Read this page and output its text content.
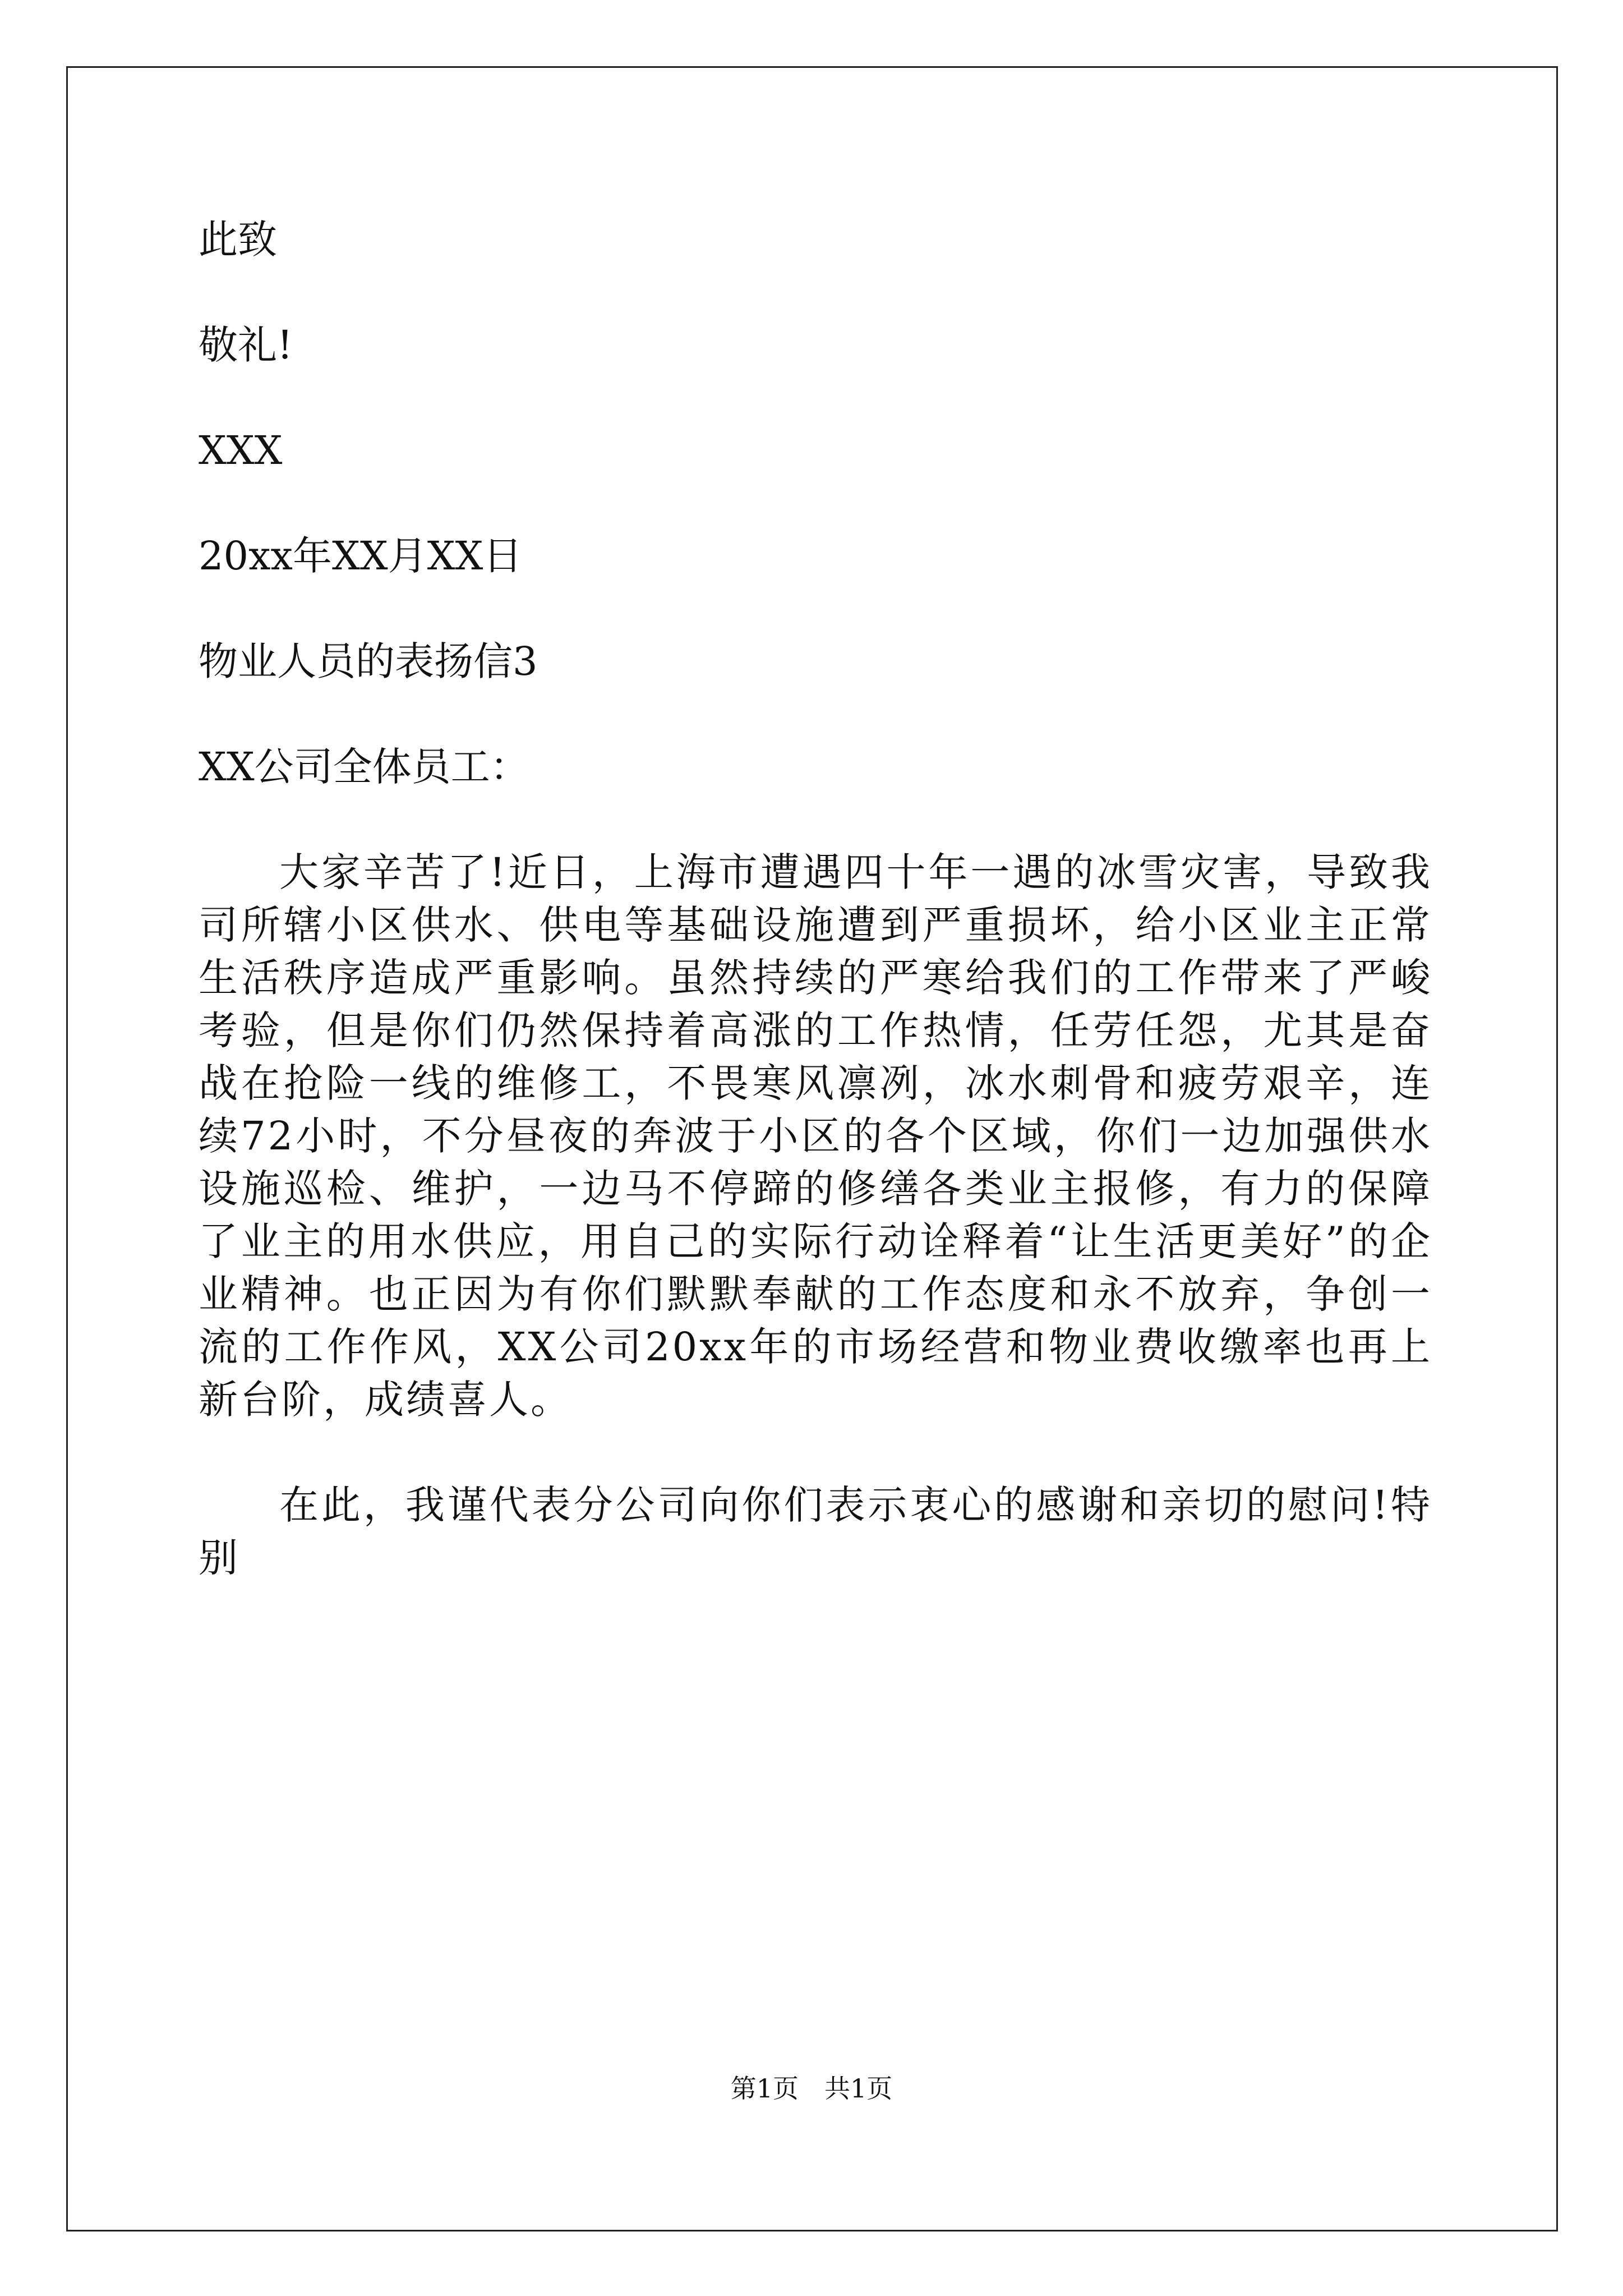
此致
敬礼!
XXX
20xx年XX月XX日
物业人员的表扬信3
XX公司全体员工：
大家辛苦了!近日，上海市遭遇四十年一遇的冰雪灾害，导致我司所辖小区供水、供电等基础设施遭到严重损坏，给小区业主正常生活秩序造成严重影响。虽然持续的严寒给我们的工作带来了严峻考验，但是你们仍然保持着高涨的工作热情，任劳任怨，尤其是奋战在抢险一线的维修工，不畏寒风凛冽，冰水刺骨和疲劳艰辛，连续72小时，不分昼夜的奔波于小区的各个区域，你们一边加强供水设施巡检、维护，一边马不停蹄的修缮各类业主报修，有力的保障了业主的用水供应，用自己的实际行动诠释着“让生活更美好”的企业精神。也正因为有你们默默奉献的工作态度和永不放弃，争创一流的工作作风，XX公司20xx年的市场经营和物业费收缴率也再上新台阶，成绩喜人。
在此，我谨代表分公司向你们表示衷心的感谢和亲切的慰问!特别
第1页 共1页
